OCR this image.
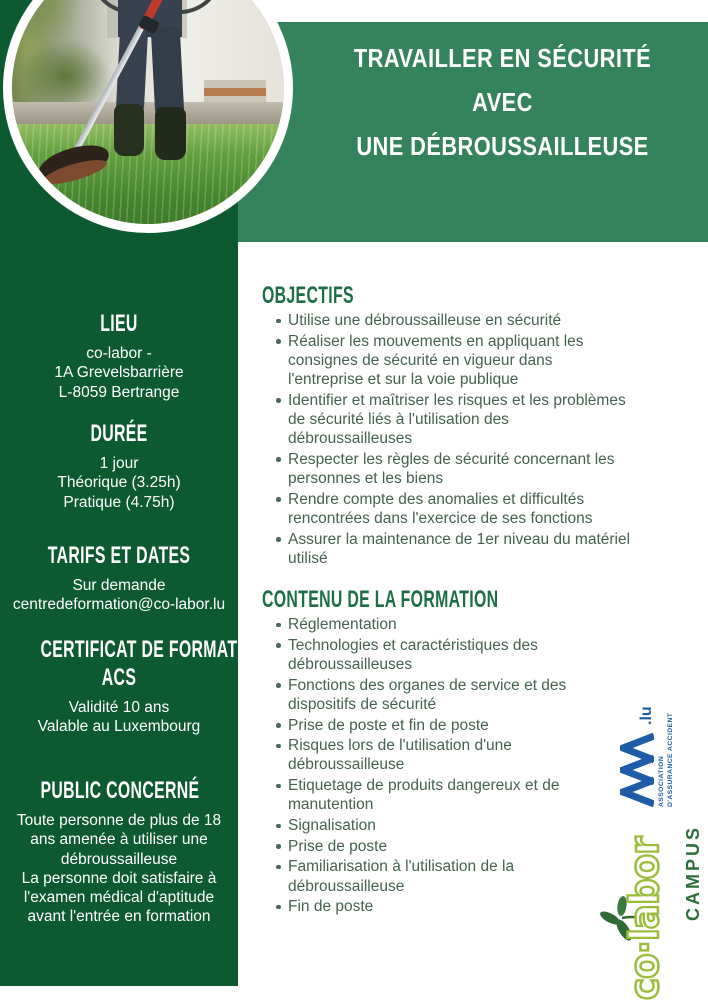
LIEU
co-labor -
1A Grevelsbarrière
L-8059 Bertrange
DURÉE
1 jour
Théorique (3.25h)
Pratique (4.75h)
TARIFS ET DATES
Sur demande
centredeformation@co-labor.lu
CERTIFICAT DE FORMATION
ACS
Validité 10 ans
Valable au Luxembourg
PUBLIC CONCERNÉ
Toute personne de plus de 18
ans amenée à utiliser une
débroussailleuse
La personne doit satisfaire à
l'examen médical d'aptitude
avant l'entrée en formation
TRAVAILLER EN SÉCURITÉ
AVEC
UNE DÉBROUSSAILLEUSE
OBJECTIFS
Utilise une débroussailleuse en sécurité
Réaliser les mouvements en appliquant les
consignes de sécurité en vigueur dans
l'entreprise et sur la voie publique
Identifier et maîtriser les risques et les problèmes
de sécurité liés à l'utilisation des
débroussailleuses
Respecter les règles de sécurité concernant les
personnes et les biens
Rendre compte des anomalies et difficultés
rencontrées dans l'exercice de ses fonctions
Assurer la maintenance de 1er niveau du matériel
utilisé
CONTENU DE LA FORMATION
Réglementation
Technologies et caractéristiques des
débroussailleuses
Fonctions des organes de service et des
dispositifs de sécurité
Prise de poste et fin de poste
Risques lors de l'utilisation d'une
débroussailleuse
Etiquetage de produits dangereux et de
manutention
Signalisation
Prise de poste
Familiarisation à l'utilisation de la
débroussailleuse
Fin de poste
.lu
ASSOCIATION D'ASSURANCE ACCIDENT
co·labor CAMPUS
